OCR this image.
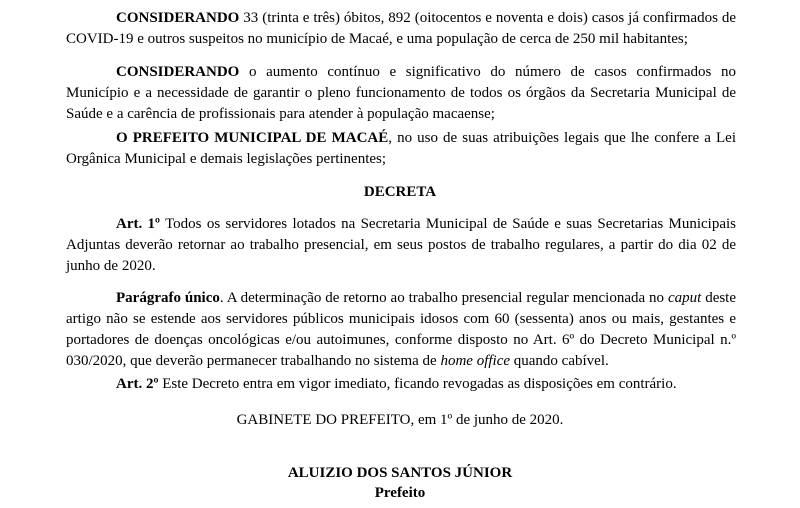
CONSIDERANDO 33 (trinta e três) óbitos, 892 (oitocentos e noventa e dois) casos já confirmados de COVID-19 e outros suspeitos no município de Macaé, e uma população de cerca de 250 mil habitantes;

CONSIDERANDO o aumento contínuo e significativo do número de casos confirmados no Município e a necessidade de garantir o pleno funcionamento de todos os órgãos da Secretaria Municipal de Saúde e a carência de profissionais para atender à população macaense;

O PREFEITO MUNICIPAL DE MACAÉ, no uso de suas atribuições legais que lhe confere a Lei Orgânica Municipal e demais legislações pertinentes;

DECRETA

Art. 1º Todos os servidores lotados na Secretaria Municipal de Saúde e suas Secretarias Municipais Adjuntas deverão retornar ao trabalho presencial, em seus postos de trabalho regulares, a partir do dia 02 de junho de 2020.

Parágrafo único. A determinação de retorno ao trabalho presencial regular mencionada no caput deste artigo não se estende aos servidores públicos municipais idosos com 60 (sessenta) anos ou mais, gestantes e portadores de doenças oncológicas e/ou autoimunes, conforme disposto no Art. 6º do Decreto Municipal n.º 030/2020, que deverão permanecer trabalhando no sistema de home office quando cabível.

Art. 2º Este Decreto entra em vigor imediato, ficando revogadas as disposições em contrário.

GABINETE DO PREFEITO, em 1º de junho de 2020.

ALUIZIO DOS SANTOS JÚNIOR

Prefeito
